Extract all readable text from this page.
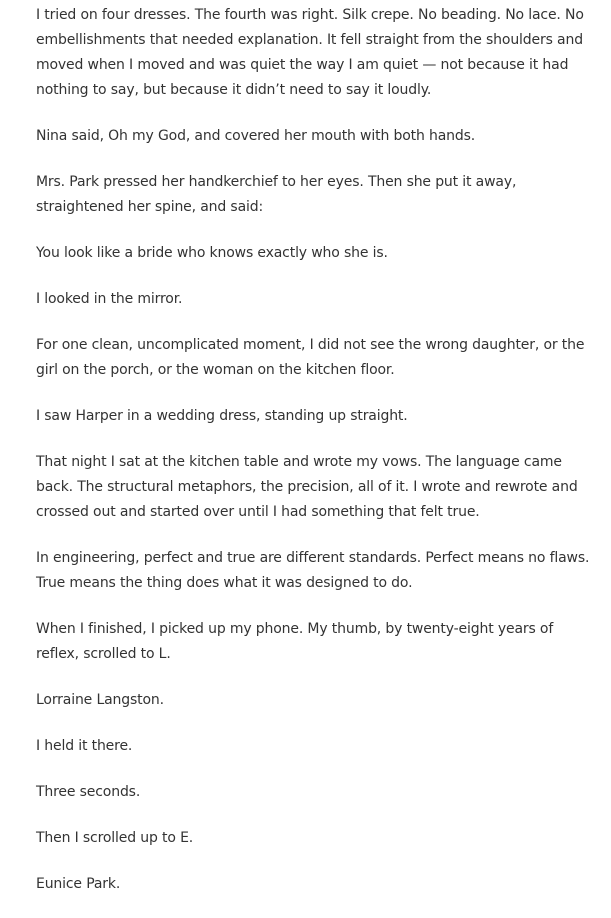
I tried on four dresses. The fourth was right. Silk crepe. No beading. No lace. No embellishments that needed explanation. It fell straight from the shoulders and moved when I moved and was quiet the way I am quiet — not because it had nothing to say, but because it didn’t need to say it loudly.

Nina said, Oh my God, and covered her mouth with both hands.

Mrs. Park pressed her handkerchief to her eyes. Then she put it away, straightened her spine, and said:

You look like a bride who knows exactly who she is.

I looked in the mirror.

For one clean, uncomplicated moment, I did not see the wrong daughter, or the girl on the porch, or the woman on the kitchen floor.

I saw Harper in a wedding dress, standing up straight.

That night I sat at the kitchen table and wrote my vows. The language came back. The structural metaphors, the precision, all of it. I wrote and rewrote and crossed out and started over until I had something that felt true.

In engineering, perfect and true are different standards. Perfect means no flaws. True means the thing does what it was designed to do.

When I finished, I picked up my phone. My thumb, by twenty-eight years of reflex, scrolled to L.

Lorraine Langston.

I held it there.

Three seconds.

Then I scrolled up to E.

Eunice Park.
